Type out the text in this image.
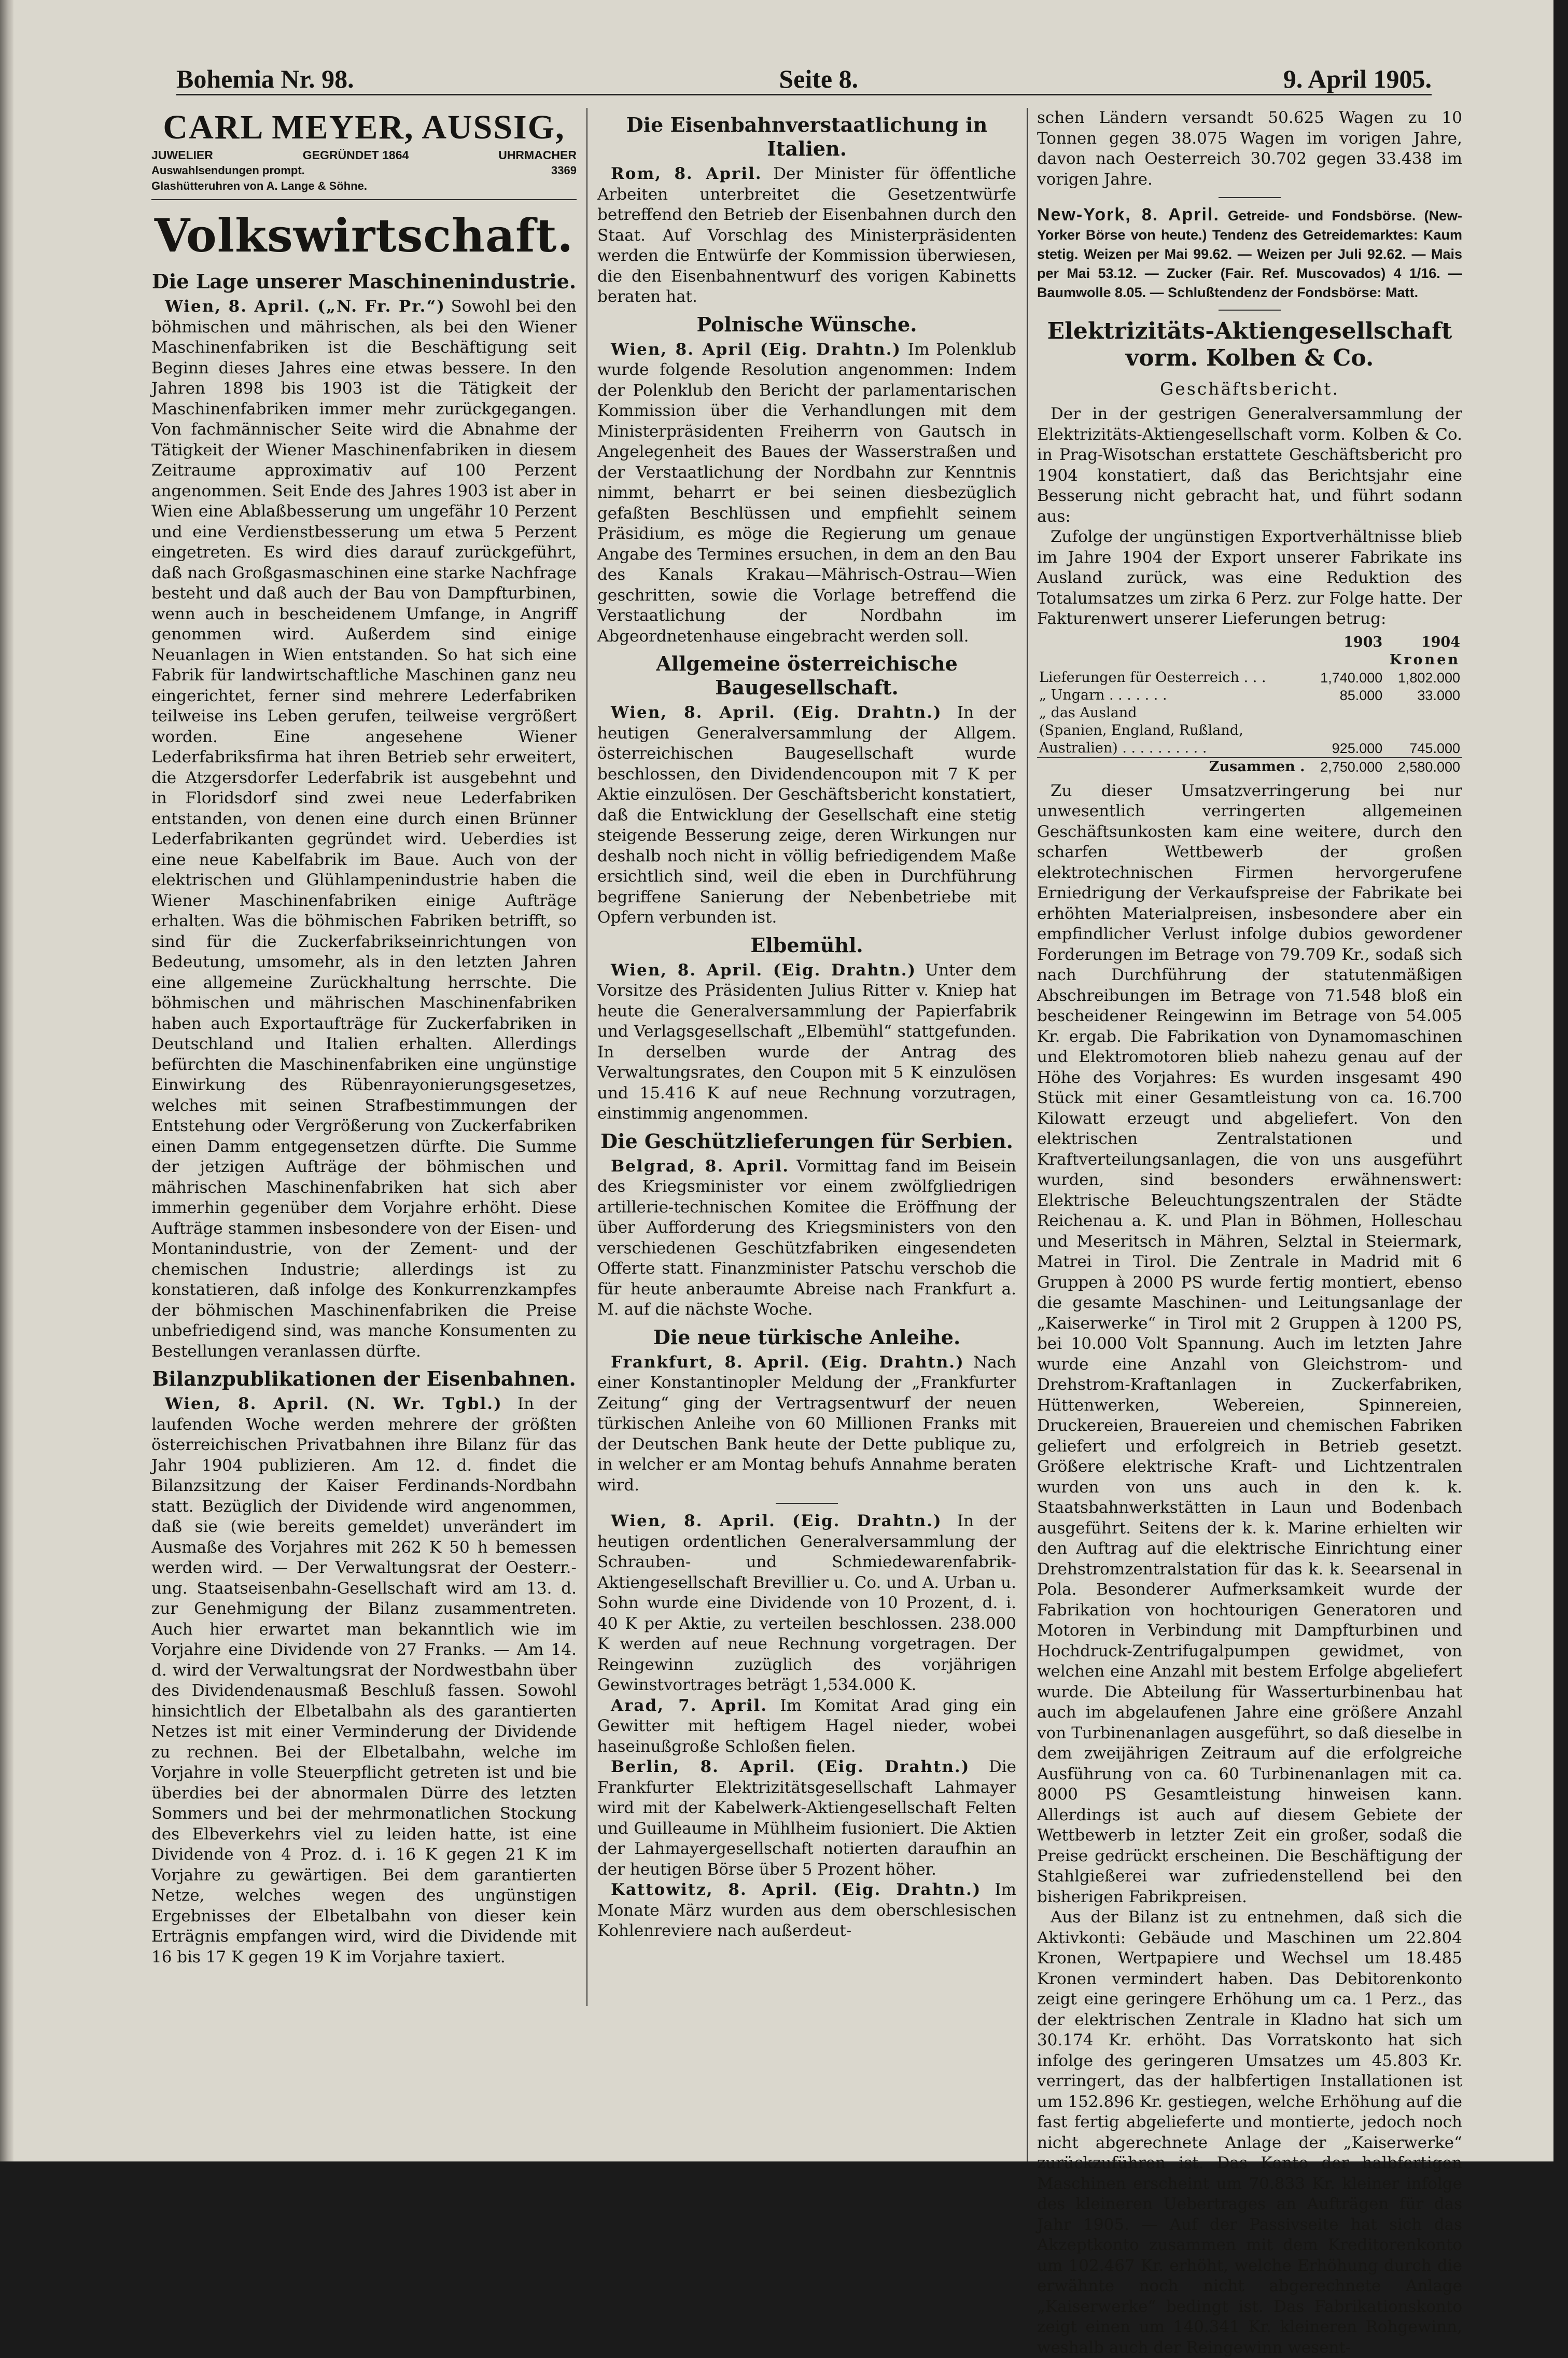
Bohemia Nr. 98.	Seite 8.	9. April 1905.
CARL MEYER, AUSSIG,
JUWELIER	GEGRÜNDET 1864	UHRMACHER
Auswahlsendungen prompt.	3369
Glashütteruhren von A. Lange & Söhne.
Volkswirtschaft.
Die Lage unserer Maschinenindustrie.

Wien, 8. April. („N. Fr. Pr.“) Sowohl bei den böhmischen und mährischen, als bei den Wiener Maschinenfabriken ist die Beschäftigung seit Beginn dieses Jahres eine etwas bessere. In den Jahren 1898 bis 1903 ist die Tätigkeit der Maschinenfabriken immer mehr zurückgegangen. Von fachmännischer Seite wird die Abnahme der Tätigkeit der Wiener Maschinenfabriken in diesem Zeitraume approximativ auf 100 Perzent angenommen. Seit Ende des Jahres 1903 ist aber in Wien eine Ablaßbesserung um ungefähr 10 Perzent und eine Verdienstbesserung um etwa 5 Perzent eingetreten. Es wird dies darauf zurückgeführt, daß nach Großgasmaschinen eine starke Nachfrage besteht und daß auch der Bau von Dampfturbinen, wenn auch in bescheidenem Umfange, in Angriff genommen wird. Außerdem sind einige Neuanlagen in Wien entstanden. So hat sich eine Fabrik für landwirtschaftliche Maschinen ganz neu eingerichtet, ferner sind mehrere Lederfabriken teilweise ins Leben gerufen, teilweise vergrößert worden. Eine angesehene Wiener Lederfabriksfirma hat ihren Betrieb sehr erweitert, die Atzgersdorfer Lederfabrik ist ausgebehnt und in Floridsdorf sind zwei neue Lederfabriken entstanden, von denen eine durch einen Brünner Lederfabrikanten gegründet wird. Ueberdies ist eine neue Kabelfabrik im Baue. Auch von der elektrischen und Glühlampenindustrie haben die Wiener Maschinenfabriken einige Aufträge erhalten. Was die böhmischen Fabriken betrifft, so sind für die Zuckerfabrikseinrichtungen von Bedeutung, umsomehr, als in den letzten Jahren eine allgemeine Zurückhaltung herrschte. Die böhmischen und mährischen Maschinenfabriken haben auch Exportaufträge für Zuckerfabriken in Deutschland und Italien erhalten. Allerdings befürchten die Maschinenfabriken eine ungünstige Einwirkung des Rübenrayonierungsgesetzes, welches mit seinen Strafbestimmungen der Entstehung oder Vergrößerung von Zuckerfabriken einen Damm entgegensetzen dürfte. Die Summe der jetzigen Aufträge der böhmischen und mährischen Maschinenfabriken hat sich aber immerhin gegenüber dem Vorjahre erhöht. Diese Aufträge stammen insbesondere von der Eisen- und Montanindustrie, von der Zement- und der chemischen Industrie; allerdings ist zu konstatieren, daß infolge des Konkurrenzkampfes der böhmischen Maschinenfabriken die Preise unbefriedigend sind, was manche Konsumenten zu Bestellungen veranlassen dürfte.

Bilanzpublikationen der Eisenbahnen.

Wien, 8. April. (N. Wr. Tgbl.) In der laufenden Woche werden mehrere der größten österreichischen Privatbahnen ihre Bilanz für das Jahr 1904 publizieren. Am 12. d. findet die Bilanzsitzung der Kaiser Ferdinands-Nordbahn statt. Bezüglich der Dividende wird angenommen, daß sie (wie bereits gemeldet) unverändert im Ausmaße des Vorjahres mit 262 K 50 h bemessen werden wird. — Der Verwaltungsrat der Oesterr.-ung. Staatseisenbahn-Gesellschaft wird am 13. d. zur Genehmigung der Bilanz zusammentreten. Auch hier erwartet man bekanntlich wie im Vorjahre eine Dividende von 27 Franks. — Am 14. d. wird der Verwaltungsrat der Nordwestbahn über des Dividendenausmaß Beschluß fassen. Sowohl hinsichtlich der Elbetalbahn als des garantierten Netzes ist mit einer Verminderung der Dividende zu rechnen. Bei der Elbetalbahn, welche im Vorjahre in volle Steuerpflicht getreten ist und bie überdies bei der abnormalen Dürre des letzten Sommers und bei der mehrmonatlichen Stockung des Elbeverkehrs viel zu leiden hatte, ist eine Dividende von 4 Proz. d. i. 16 K gegen 21 K im Vorjahre zu gewärtigen. Bei dem garantierten Netze, welches wegen des ungünstigen Ergebnisses der Elbetalbahn von dieser kein Erträgnis empfangen wird, wird die Dividende mit 16 bis 17 K gegen 19 K im Vorjahre taxiert.

Die Eisenbahnverstaatlichung in Italien.

Rom, 8. April. Der Minister für öffentliche Arbeiten unterbreitet die Gesetzentwürfe betreffend den Betrieb der Eisenbahnen durch den Staat. Auf Vorschlag des Ministerpräsidenten werden die Entwürfe der Kommission überwiesen, die den Eisenbahnentwurf des vorigen Kabinetts beraten hat.

Polnische Wünsche.

Wien, 8. April (Eig. Drahtn.) Im Polenklub wurde folgende Resolution angenommen: Indem der Polenklub den Bericht der parlamentarischen Kommission über die Verhandlungen mit dem Ministerpräsidenten Freiherrn von Gautsch in Angelegenheit des Baues der Wasserstraßen und der Verstaatlichung der Nordbahn zur Kenntnis nimmt, beharrt er bei seinen diesbezüglich gefaßten Beschlüssen und empfiehlt seinem Präsidium, es möge die Regierung um genaue Angabe des Termines ersuchen, in dem an den Bau des Kanals Krakau—Mährisch-Ostrau—Wien geschritten, sowie die Vorlage betreffend die Verstaatlichung der Nordbahn im Abgeordnetenhause eingebracht werden soll.

Allgemeine österreichische Baugesellschaft.

Wien, 8. April. (Eig. Drahtn.) In der heutigen Generalversammlung der Allgem. österreichischen Baugesellschaft wurde beschlossen, den Dividendencoupon mit 7 K per Aktie einzulösen. Der Geschäftsbericht konstatiert, daß die Entwicklung der Gesellschaft eine stetig steigende Besserung zeige, deren Wirkungen nur deshalb noch nicht in völlig befriedigendem Maße ersichtlich sind, weil die eben in Durchführung begriffene Sanierung der Nebenbetriebe mit Opfern verbunden ist.

Elbemühl.

Wien, 8. April. (Eig. Drahtn.) Unter dem Vorsitze des Präsidenten Julius Ritter v. Kniep hat heute die Generalversammlung der Papierfabrik und Verlagsgesellschaft „Elbemühl“ stattgefunden. In derselben wurde der Antrag des Verwaltungsrates, den Coupon mit 5 K einzulösen und 15.416 K auf neue Rechnung vorzutragen, einstimmig angenommen.

Die Geschützlieferungen für Serbien.

Belgrad, 8. April. Vormittag fand im Beisein des Kriegsminister vor einem zwölfgliedrigen artillerie-technischen Komitee die Eröffnung der über Aufforderung des Kriegsministers von den verschiedenen Geschützfabriken eingesendeten Offerte statt. Finanzminister Patschu verschob die für heute anberaumte Abreise nach Frankfurt a. M. auf die nächste Woche.

Die neue türkische Anleihe.

Frankfurt, 8. April. (Eig. Drahtn.) Nach einer Konstantinopler Meldung der „Frankfurter Zeitung“ ging der Vertragsentwurf der neuen türkischen Anleihe von 60 Millionen Franks mit der Deutschen Bank heute der Dette publique zu, in welcher er am Montag behufs Annahme beraten wird.

Wien, 8. April. (Eig. Drahtn.) In der heutigen ordentlichen Generalversammlung der Schrauben- und Schmiedewarenfabrik-Aktiengesellschaft Brevillier u. Co. und A. Urban u. Sohn wurde eine Dividende von 10 Prozent, d. i. 40 K per Aktie, zu verteilen beschlossen. 238.000 K werden auf neue Rechnung vorgetragen. Der Reingewinn zuzüglich des vorjährigen Gewinstvortrages beträgt 1,534.000 K.

Arad, 7. April. Im Komitat Arad ging ein Gewitter mit heftigem Hagel nieder, wobei haseinußgroße Schloßen fielen.

Berlin, 8. April. (Eig. Drahtn.) Die Frankfurter Elektrizitätsgesellschaft Lahmayer wird mit der Kabelwerk-Aktiengesellschaft Felten und Guilleaume in Mühlheim fusioniert. Die Aktien der Lahmayergesellschaft notierten daraufhin an der heutigen Börse über 5 Prozent höher.

Kattowitz, 8. April. (Eig. Drahtn.) Im Monate März wurden aus dem oberschlesischen Kohlenreviere nach außerdeut-

schen Ländern versandt 50.625 Wagen zu 10 Tonnen gegen 38.075 Wagen im vorigen Jahre, davon nach Oesterreich 30.702 gegen 33.438 im vorigen Jahre.

New-York, 8. April. Getreide- und Fondsbörse. (New-Yorker Börse von heute.) Tendenz des Getreidemarktes: Kaum stetig. Weizen per Mai 99.62. — Weizen per Juli 92.62. — Mais per Mai 53.12. — Zucker (Fair. Ref. Muscovados) 4 1/16. — Baumwolle 8.05. — Schlußtendenz der Fondsbörse: Matt.
Elektrizitäts-Aktiengesellschaft vorm. Kolben & Co.
Geschäftsbericht.

Der in der gestrigen Generalversammlung der Elektrizitäts-Aktiengesellschaft vorm. Kolben & Co. in Prag-Wisotschan erstattete Geschäftsbericht pro 1904 konstatiert, daß das Berichtsjahr eine Besserung nicht gebracht hat, und führt sodann aus:

Zufolge der ungünstigen Exportverhältnisse blieb im Jahre 1904 der Export unserer Fabrikate ins Ausland zurück, was eine Reduktion des Totalumsatzes um zirka 6 Perz. zur Folge hatte. Der Fakturenwert unserer Lieferungen betrug:

	1903	1904
	Kronen	
Lieferungen für Oesterreich . . .	1,740.000	1,802.000
„ Ungarn . . . . . . .	85.000	33.000
„ das Ausland		
(Spanien, England, Rußland,		
Australien) . . . . . . . . . .	925.000	745.000
Zusammen .	2,750.000	2,580.000

Zu dieser Umsatzverringerung bei nur unwesentlich verringerten allgemeinen Geschäftsunkosten kam eine weitere, durch den scharfen Wettbewerb der großen elektrotechnischen Firmen hervorgerufene Erniedrigung der Verkaufspreise der Fabrikate bei erhöhten Materialpreisen, insbesondere aber ein empfindlicher Verlust infolge dubios gewordener Forderungen im Betrage von 79.709 Kr., sodaß sich nach Durchführung der statutenmäßigen Abschreibungen im Betrage von 71.548 bloß ein bescheidener Reingewinn im Betrage von 54.005 Kr. ergab. Die Fabrikation von Dynamomaschinen und Elektromotoren blieb nahezu genau auf der Höhe des Vorjahres: Es wurden insgesamt 490 Stück mit einer Gesamtleistung von ca. 16.700 Kilowatt erzeugt und abgeliefert. Von den elektrischen Zentralstationen und Kraftverteilungsanlagen, die von uns ausgeführt wurden, sind besonders erwähnenswert: Elektrische Beleuchtungszentralen der Städte Reichenau a. K. und Plan in Böhmen, Holleschau und Meseritsch in Mähren, Selztal in Steiermark, Matrei in Tirol. Die Zentrale in Madrid mit 6 Gruppen à 2000 PS wurde fertig montiert, ebenso die gesamte Maschinen- und Leitungsanlage der „Kaiserwerke“ in Tirol mit 2 Gruppen à 1200 PS, bei 10.000 Volt Spannung. Auch im letzten Jahre wurde eine Anzahl von Gleichstrom- und Drehstrom-Kraftanlagen in Zuckerfabriken, Hüttenwerken, Webereien, Spinnereien, Druckereien, Brauereien und chemischen Fabriken geliefert und erfolgreich in Betrieb gesetzt. Größere elektrische Kraft- und Lichtzentralen wurden von uns auch in den k. k. Staatsbahnwerkstätten in Laun und Bodenbach ausgeführt. Seitens der k. k. Marine erhielten wir den Auftrag auf die elektrische Einrichtung einer Drehstromzentralstation für das k. k. Seearsenal in Pola. Besonderer Aufmerksamkeit wurde der Fabrikation von hochtourigen Generatoren und Motoren in Verbindung mit Dampfturbinen und Hochdruck-Zentrifugalpumpen gewidmet, von welchen eine Anzahl mit bestem Erfolge abgeliefert wurde. Die Abteilung für Wasserturbinenbau hat auch im abgelaufenen Jahre eine größere Anzahl von Turbinenanlagen ausgeführt, so daß dieselbe in dem zweijährigen Zeitraum auf die erfolgreiche Ausführung von ca. 60 Turbinenanlagen mit ca. 8000 PS Gesamtleistung hinweisen kann. Allerdings ist auch auf diesem Gebiete der Wettbewerb in letzter Zeit ein großer, sodaß die Preise gedrückt erscheinen. Die Beschäftigung der Stahlgießerei war zufriedenstellend bei den bisherigen Fabrikpreisen.

Aus der Bilanz ist zu entnehmen, daß sich die Aktivkonti: Gebäude und Maschinen um 22.804 Kronen, Wertpapiere und Wechsel um 18.485 Kronen vermindert haben. Das Debitorenkonto zeigt eine geringere Erhöhung um ca. 1 Perz., das der elektrischen Zentrale in Kladno hat sich um 30.174 Kr. erhöht. Das Vorratskonto hat sich infolge des geringeren Umsatzes um 45.803 Kr. verringert, das der halbfertigen Installationen ist um 152.896 Kr. gestiegen, welche Erhöhung auf die fast fertig abgelieferte und montierte, jedoch noch nicht abgerechnete Anlage der „Kaiserwerke“ zurückzuführen ist. Das Konto der halbfertigen Maschinen erscheint um 70.833 Kr. kleiner infolge des kleineren Uebertrages an Aufträgen für das Jahr 1905. — Auf der Passivseite hat sich das Akzeptkonto zusammen mit dem Kreditorenkonto um 102.467 Kr. erhöht, welche Erhöhung durch die erwähnte noch nicht abgerechnete Anlage „Kaiserwerke“ bedingt ist. Das Fabrikationskonto zeigt einen um 140.341 Kr. kleineren Rohgewinn, weshalb auch der Reingewinn wesent-
